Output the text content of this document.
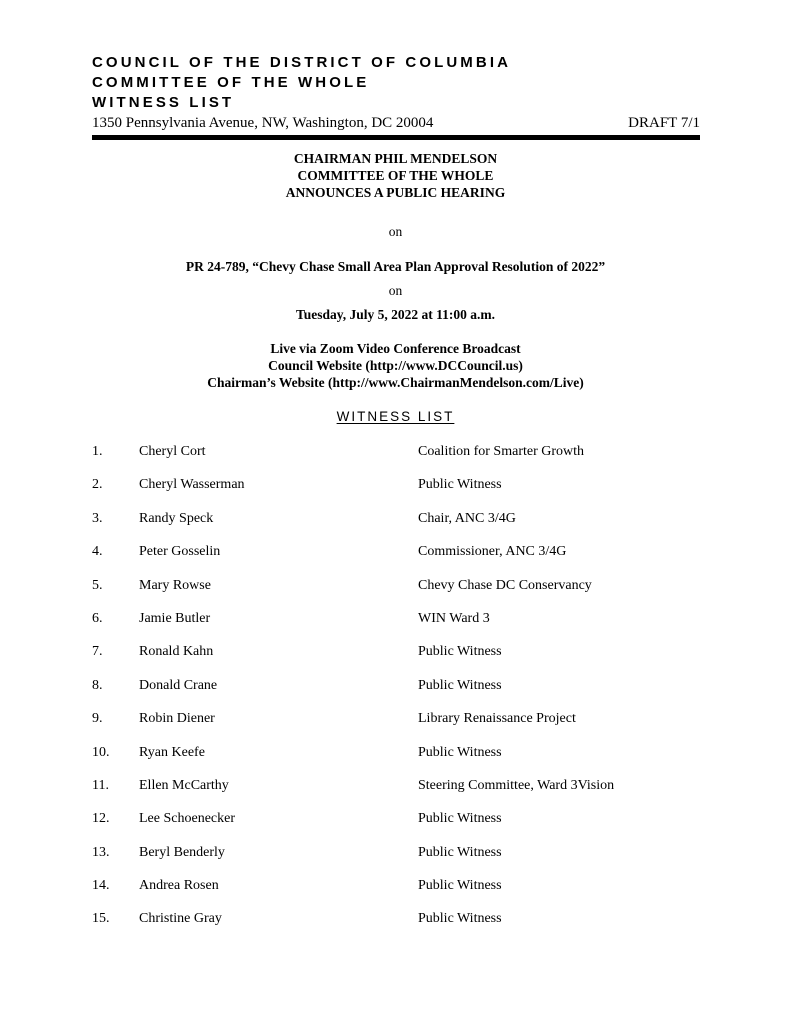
COUNCIL OF THE DISTRICT OF COLUMBIA
COMMITTEE OF THE WHOLE
WITNESS LIST
1350 Pennsylvania Avenue, NW, Washington, DC 20004	DRAFT 7/1
CHAIRMAN PHIL MENDELSON
COMMITTEE OF THE WHOLE
ANNOUNCES A PUBLIC HEARING
on
PR 24-789, “Chevy Chase Small Area Plan Approval Resolution of 2022”
on
Tuesday, July 5, 2022 at 11:00 a.m.
Live via Zoom Video Conference Broadcast
Council Website (http://www.DCCouncil.us)
Chairman’s Website (http://www.ChairmanMendelson.com/Live)
WITNESS LIST
1.	Cheryl Cort	Coalition for Smarter Growth
2.	Cheryl Wasserman	Public Witness
3.	Randy Speck	Chair, ANC 3/4G
4.	Peter Gosselin	Commissioner, ANC 3/4G
5.	Mary Rowse	Chevy Chase DC Conservancy
6.	Jamie Butler	WIN Ward 3
7.	Ronald Kahn	Public Witness
8.	Donald Crane	Public Witness
9.	Robin Diener	Library Renaissance Project
10. Ryan Keefe	Public Witness
11. Ellen McCarthy	Steering Committee, Ward 3Vision
12. Lee Schoenecker	Public Witness
13. Beryl Benderly	Public Witness
14. Andrea Rosen	Public Witness
15. Christine Gray	Public Witness
